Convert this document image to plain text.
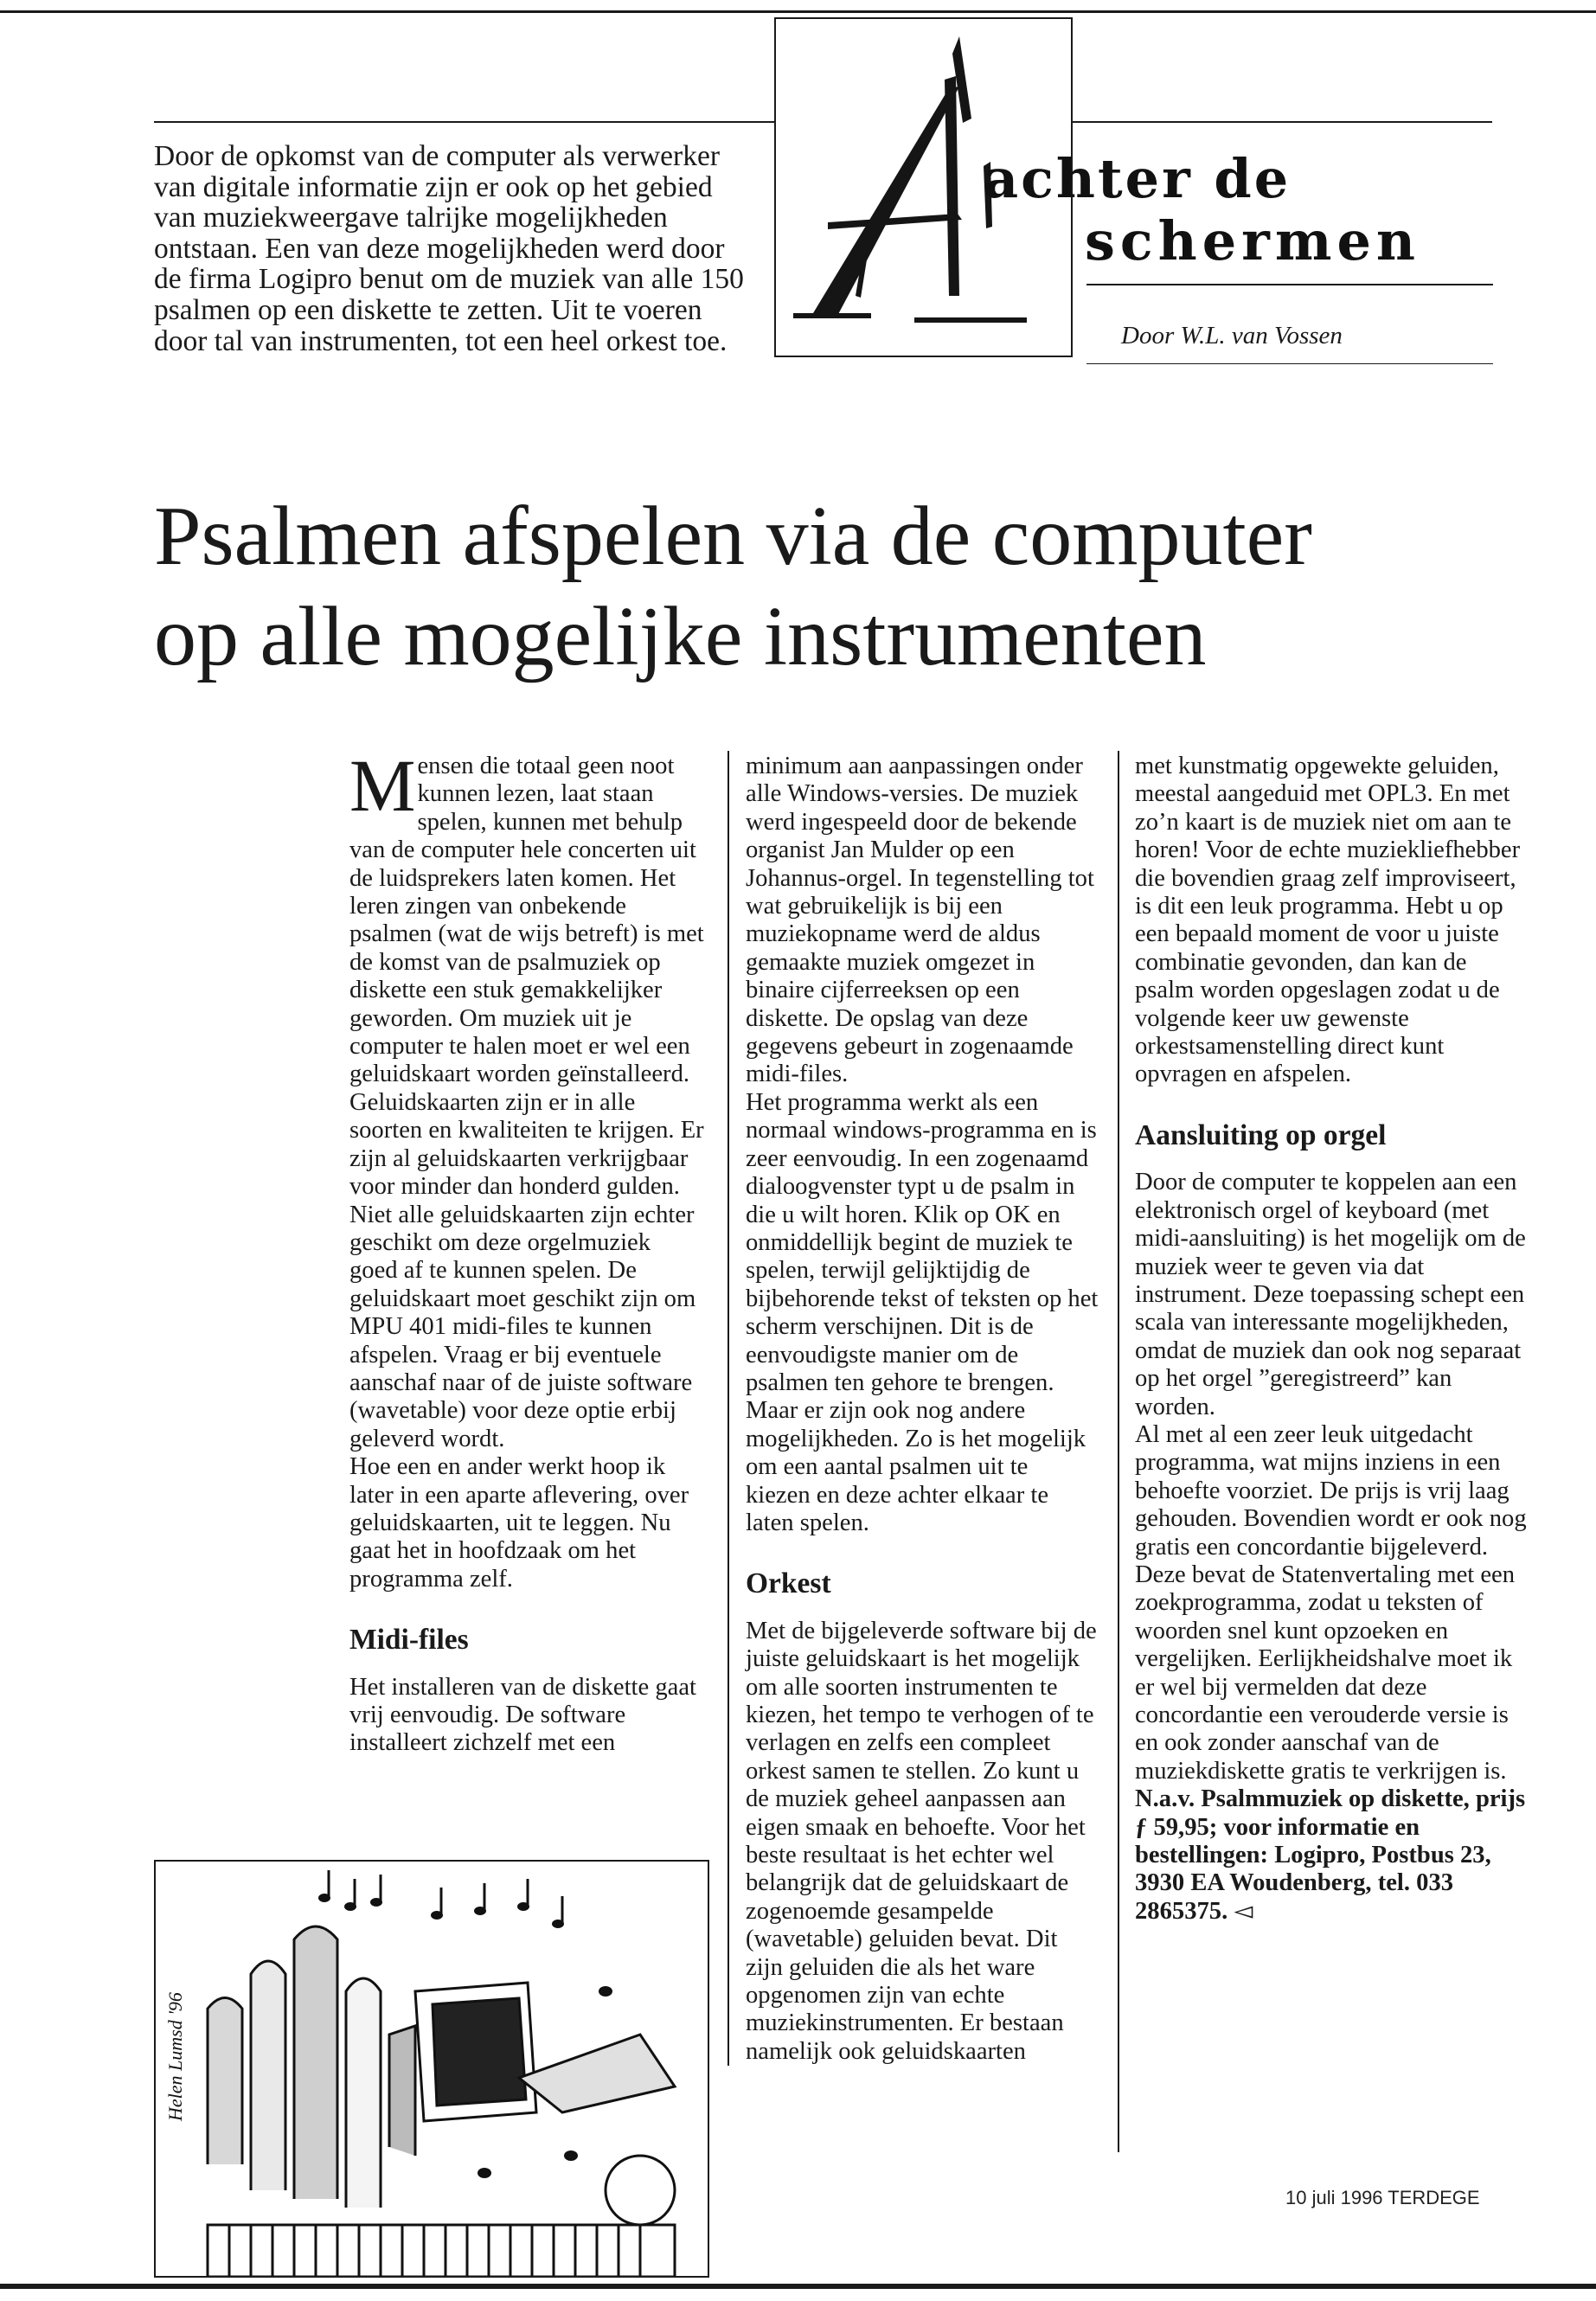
Door de opkomst van de computer als verwerker van digitale informatie zijn er ook op het gebied van muziekweergave talrijke mogelijkheden ontstaan. Een van deze mogelijkheden werd door de firma Logipro benut om de muziek van alle 150 psalmen op een diskette te zetten. Uit te voeren door tal van instrumenten, tot een heel orkest toe.
achter de
schermen
Door W.L. van Vossen
Psalmen afspelen via de computer
op alle mogelijke instrumenten

Mensen die totaal geen noot kunnen lezen, laat staan spelen, kunnen met behulp van de computer hele concerten uit de luidsprekers laten komen. Het leren zingen van onbekende psalmen (wat de wijs betreft) is met de komst van de psalmuziek op diskette een stuk gemakkelijker geworden. Om muziek uit je computer te halen moet er wel een geluidskaart worden geïnstalleerd. Geluidskaarten zijn er in alle soorten en kwaliteiten te krijgen. Er zijn al geluidskaarten verkrijgbaar voor minder dan honderd gulden. Niet alle geluidskaarten zijn echter geschikt om deze orgelmuziek goed af te kunnen spelen. De geluidskaart moet geschikt zijn om MPU 401 midi-files te kunnen afspelen. Vraag er bij eventuele aanschaf naar of de juiste software (wavetable) voor deze optie erbij geleverd wordt.

Hoe een en ander werkt hoop ik later in een aparte aflevering, over geluidskaarten, uit te leggen. Nu gaat het in hoofdzaak om het programma zelf.

Midi-files

Het installeren van de diskette gaat vrij eenvoudig. De software installeert zichzelf met een

minimum aan aanpassingen onder alle Windows-versies. De muziek werd ingespeeld door de bekende organist Jan Mulder op een Johannus-orgel. In tegenstelling tot wat gebruikelijk is bij een muziekopname werd de aldus gemaakte muziek omgezet in binaire cijferreeksen op een diskette. De opslag van deze gegevens gebeurt in zogenaamde midi-files.

Het programma werkt als een normaal windows-programma en is zeer eenvoudig. In een zogenaamd dialoogvenster typt u de psalm in die u wilt horen. Klik op OK en onmiddellijk begint de muziek te spelen, terwijl gelijktijdig de bijbehorende tekst of teksten op het scherm verschijnen. Dit is de eenvoudigste manier om de psalmen ten gehore te brengen. Maar er zijn ook nog andere mogelijkheden. Zo is het mogelijk om een aantal psalmen uit te kiezen en deze achter elkaar te laten spelen.

Orkest

Met de bijgeleverde software bij de juiste geluidskaart is het mogelijk om alle soorten instrumenten te kiezen, het tempo te verhogen of te verlagen en zelfs een compleet orkest samen te stellen. Zo kunt u de muziek geheel aanpassen aan eigen smaak en behoefte. Voor het beste resultaat is het echter wel belangrijk dat de geluidskaart de zogenoemde gesampelde (wavetable) geluiden bevat. Dit zijn geluiden die als het ware opgenomen zijn van echte muziekinstrumenten. Er bestaan namelijk ook geluidskaarten

met kunstmatig opgewekte geluiden, meestal aangeduid met OPL3. En met zo’n kaart is de muziek niet om aan te horen! Voor de echte muziekliefhebber die bovendien graag zelf improviseert, is dit een leuk programma. Hebt u op een bepaald moment de voor u juiste combinatie gevonden, dan kan de psalm worden opgeslagen zodat u de volgende keer uw gewenste orkestsamenstelling direct kunt opvragen en afspelen.

Aansluiting op orgel

Door de computer te koppelen aan een elektronisch orgel of keyboard (met midi-aansluiting) is het mogelijk om de muziek weer te geven via dat instrument. Deze toepassing schept een scala van interessante mogelijkheden, omdat de muziek dan ook nog separaat op het orgel ”geregistreerd” kan worden.

Al met al een zeer leuk uitgedacht programma, wat mijns inziens in een behoefte voorziet. De prijs is vrij laag gehouden. Bovendien wordt er ook nog gratis een concordantie bijgeleverd. Deze bevat de Statenvertaling met een zoekprogramma, zodat u teksten of woorden snel kunt opzoeken en vergelijken. Eerlijkheidshalve moet ik er wel bij vermelden dat deze concordantie een verouderde versie is en ook zonder aanschaf van de muziekdiskette gratis te verkrijgen is.

N.a.v. Psalmmuziek op diskette, prijs ƒ 59,95; voor informatie en bestellingen: Logipro, Postbus 23, 3930 EA Woudenberg, tel. 033 2865375. ◅

Helen Lumsd '96
10 juli 1996 TERDEGE
